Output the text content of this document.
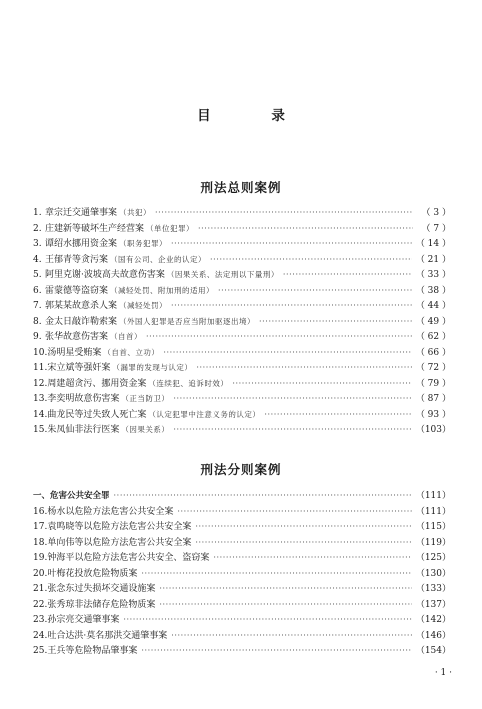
目 录
刑法总则案例
1. 章宗迁交通肇事案 （共犯） ·····	（ 3 ）
2. 庄建新等破坏生产经营案 （单位犯罪） ·····	（ 7 ）
3. 谭绍水挪用资金案 （职务犯罪） ·····	（ 14 ）
4. 王郁青等贪污案 （国有公司、企业的认定） ·····	（ 21 ）
5. 阿里克谢·波坡高夫故意伤害案 （因果关系、法定刑以下量刑） ·····	（ 33 ）
6. 雷蒙德等盗窃案 （减轻处罚、附加刑的适用） ·····	（ 38 ）
7. 郭某某故意杀人案 （减轻处罚） ·····	（ 44 ）
8. 金太日敲诈勒索案 （外国人犯罪是否应当附加驱逐出境） ·····	（ 49 ）
9. 张华故意伤害案 （自首） ·····	（ 62 ）
10. 汤明星受贿案 （自首、立功） ·····	（ 66 ）
11. 宋立斌等强奸案 （漏罪的发现与认定） ·····	（ 72 ）
12. 周建超贪污、挪用资金案 （连续犯、追诉时效） ·····	（ 79 ）
13. 李奕明故意伤害案 （正当防卫） ·····	（ 87 ）
14. 曲龙民等过失致人死亡案 （认定犯罪中注意义务的认定） ·····	（ 93 ）
15. 朱凤仙非法行医案 （因果关系） ·····	（103）
刑法分则案例
一、 危害公共安全罪 ·····	（111）
16. 杨水以危险方法危害公共安全案 ·····	（111）
17. 袁鸣晓等以危险方法危害公共安全案 ·····	（115）
18. 单向伟等以危险方法危害公共安全案 ·····	（119）
19. 钟海平以危险方法危害公共安全、盗窃案 ·····	（125）
20. 叶梅花投放危险物质案 ·····	（130）
21. 张念东过失损坏交通设施案 ·····	（133）
22. 张秀琼非法储存危险物质案 ·····	（137）
23. 孙宗亮交通肇事案 ·····	（142）
24. 吐合达洪·莫名那洪交通肇事案 ·····	（146）
25. 王兵等危险物品肇事案 ·····	（154）
· 1 ·
